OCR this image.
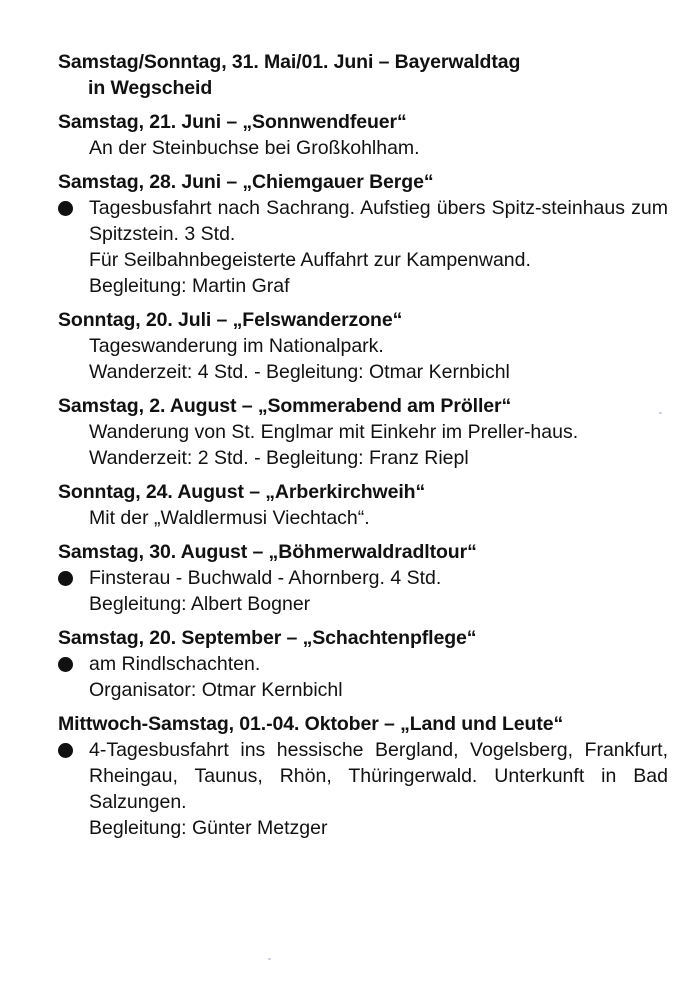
Samstag/Sonntag, 31. Mai/01. Juni – Bayerwaldtag
in Wegscheid
Samstag, 21. Juni – „Sonnwendfeuer“
An der Steinbuchse bei Großkohlham.
Samstag, 28. Juni – „Chiemgauer Berge“
Tagesbusfahrt nach Sachrang. Aufstieg übers Spitz-steinhaus zum Spitzstein. 3 Std.
Für Seilbahnbegeisterte Auffahrt zur Kampenwand.
Begleitung: Martin Graf
Sonntag, 20. Juli – „Felswanderzone“
Tageswanderung im Nationalpark.
Wanderzeit: 4 Std. - Begleitung: Otmar Kernbichl
Samstag, 2. August – „Sommerabend am Pröller“
Wanderung von St. Englmar mit Einkehr im Preller-haus.
Wanderzeit: 2 Std. - Begleitung: Franz Riepl
Sonntag, 24. August – „Arberkirchweih“
Mit der „Waldlermusi Viechtach“.
Samstag, 30. August – „Böhmerwaldradltour“
Finsterau - Buchwald - Ahornberg. 4 Std.
Begleitung: Albert Bogner
Samstag, 20. September – „Schachtenpflege“
am Rindlschachten.
Organisator: Otmar Kernbichl
Mittwoch-Samstag, 01.-04. Oktober – „Land und Leute“
4-Tagesbusfahrt ins hessische Bergland, Vogelsberg, Frankfurt, Rheingau, Taunus, Rhön, Thüringerwald. Unterkunft in Bad Salzungen.
Begleitung: Günter Metzger
